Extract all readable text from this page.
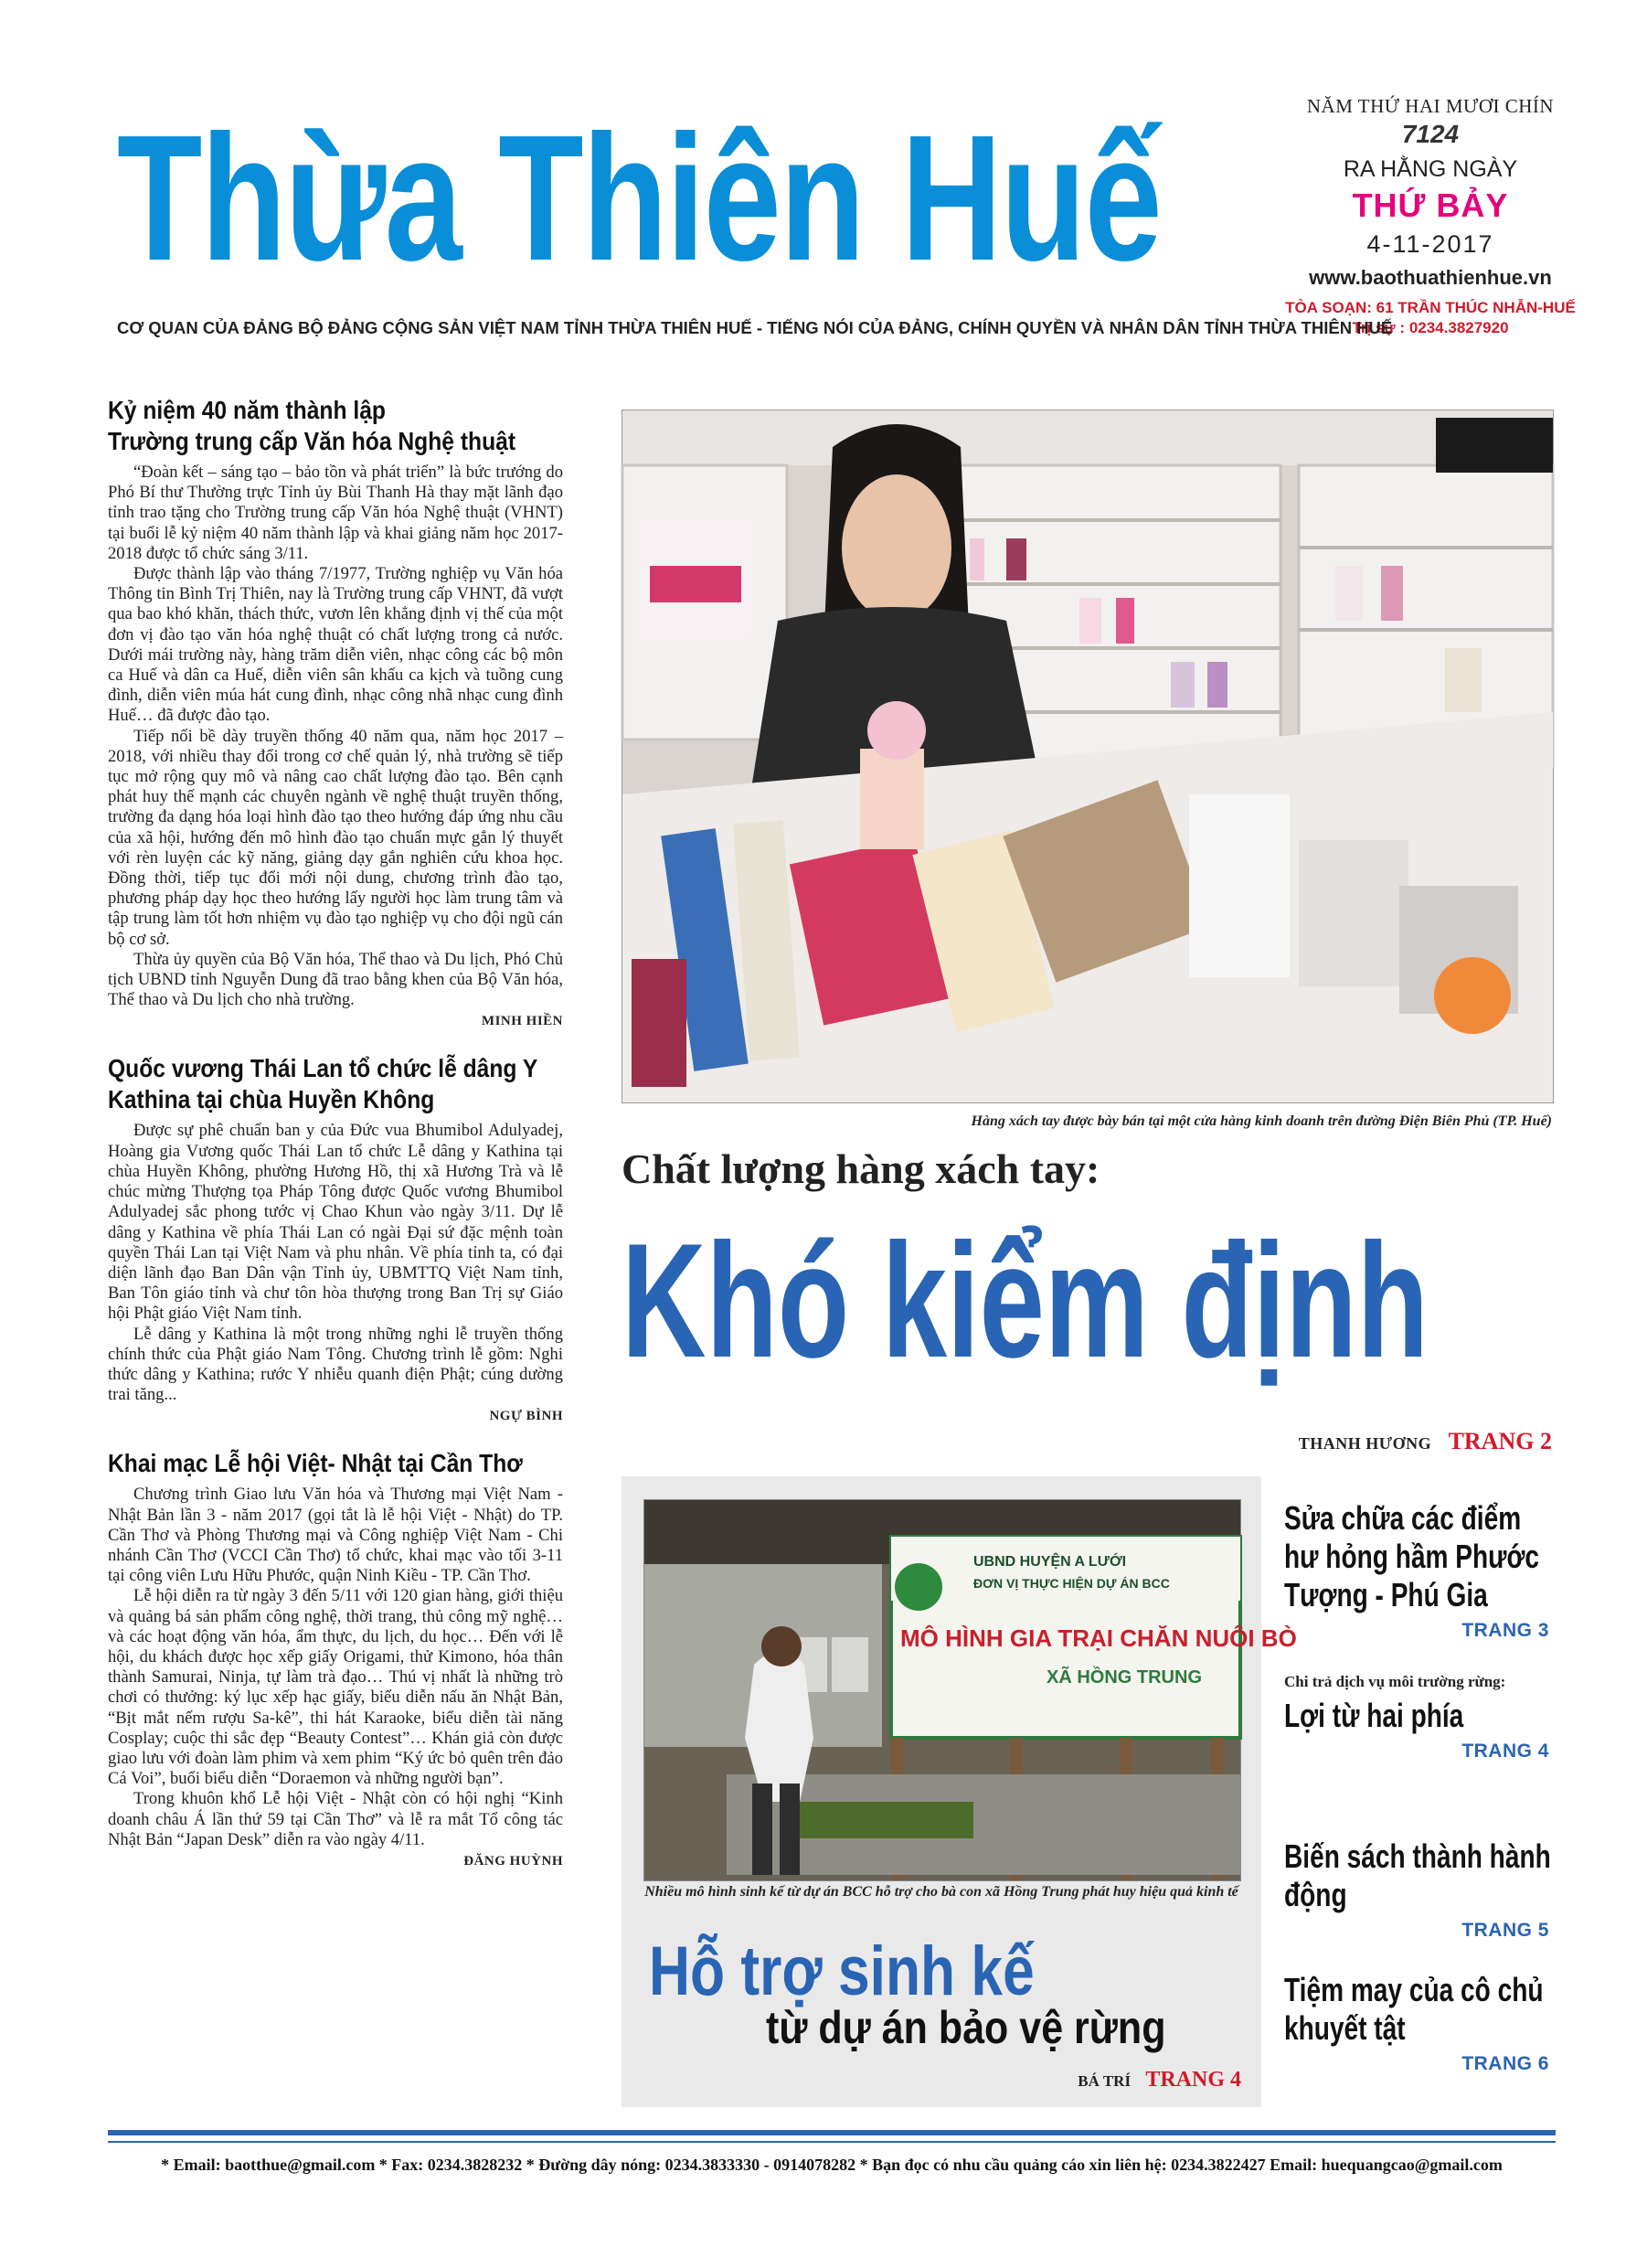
Thừa Thiên Huế	NĂM THỨ HAI MƯƠI CHÍN
7124
RA HẰNG NGÀY
THỨ BẢY
4-11-2017
www.baothuathienhue.vn
TÒA SOẠN: 61 TRẦN THÚC NHẪN-HUẾ
Trị sự : 0234.3827920
CƠ QUAN CỦA ĐẢNG BỘ ĐẢNG CỘNG SẢN VIỆT NAM TỈNH THỪA THIÊN HUẾ - TIẾNG NÓI CỦA ĐẢNG, CHÍNH QUYỀN VÀ NHÂN DÂN TỈNH THỪA THIÊN HUẾ
Kỷ niệm 40 năm thành lập
Trường trung cấp Văn hóa Nghệ thuật

“Đoàn kết – sáng tạo – bảo tồn và phát triển” là bức trướng do Phó Bí thư Thường trực Tỉnh ủy Bùi Thanh Hà thay mặt lãnh đạo tỉnh trao tặng cho Trường trung cấp Văn hóa Nghệ thuật (VHNT) tại buổi lễ kỷ niệm 40 năm thành lập và khai giảng năm học 2017-2018 được tổ chức sáng 3/11.

Được thành lập vào tháng 7/1977, Trường nghiệp vụ Văn hóa Thông tin Bình Trị Thiên, nay là Trường trung cấp VHNT, đã vượt qua bao khó khăn, thách thức, vươn lên khẳng định vị thế của một đơn vị đào tạo văn hóa nghệ thuật có chất lượng trong cả nước. Dưới mái trường này, hàng trăm diễn viên, nhạc công các bộ môn ca Huế và dân ca Huế, diễn viên sân khấu ca kịch và tuồng cung đình, diễn viên múa hát cung đình, nhạc công nhã nhạc cung đình Huế… đã được đào tạo.

Tiếp nối bề dày truyền thống 40 năm qua, năm học 2017 – 2018, với nhiều thay đổi trong cơ chế quản lý, nhà trường sẽ tiếp tục mở rộng quy mô và nâng cao chất lượng đào tạo. Bên cạnh phát huy thế mạnh các chuyên ngành về nghệ thuật truyền thống, trường đa dạng hóa loại hình đào tạo theo hướng đáp ứng nhu cầu của xã hội, hướng đến mô hình đào tạo chuẩn mực gắn lý thuyết với rèn luyện các kỹ năng, giảng dạy gắn nghiên cứu khoa học. Đồng thời, tiếp tục đổi mới nội dung, chương trình đào tạo, phương pháp dạy học theo hướng lấy người học làm trung tâm và tập trung làm tốt hơn nhiệm vụ đào tạo nghiệp vụ cho đội ngũ cán bộ cơ sở.

Thừa ủy quyền của Bộ Văn hóa, Thể thao và Du lịch, Phó Chủ tịch UBND tỉnh Nguyễn Dung đã trao bằng khen của Bộ Văn hóa, Thể thao và Du lịch cho nhà trường.

MINH HIỀN
Quốc vương Thái Lan tổ chức lễ dâng Y
Kathina tại chùa Huyền Không

Được sự phê chuẩn ban y của Đức vua Bhumibol Adulyadej, Hoàng gia Vương quốc Thái Lan tổ chức Lễ dâng y Kathina tại chùa Huyền Không, phường Hương Hồ, thị xã Hương Trà và lễ chúc mừng Thượng tọa Pháp Tông được Quốc vương Bhumibol Adulyadej sắc phong tước vị Chao Khun vào ngày 3/11. Dự lễ dâng y Kathina về phía Thái Lan có ngài Đại sứ đặc mệnh toàn quyền Thái Lan tại Việt Nam và phu nhân. Về phía tỉnh ta, có đại diện lãnh đạo Ban Dân vận Tỉnh ủy, UBMTTQ Việt Nam tỉnh, Ban Tôn giáo tỉnh và chư tôn hòa thượng trong Ban Trị sự Giáo hội Phật giáo Việt Nam tỉnh.

Lễ dâng y Kathina là một trong những nghi lễ truyền thống chính thức của Phật giáo Nam Tông. Chương trình lễ gồm: Nghi thức dâng y Kathina; rước Y nhiễu quanh điện Phật; cúng dường trai tăng...

NGỰ BÌNH
Khai mạc Lễ hội Việt- Nhật tại Cần Thơ

Chương trình Giao lưu Văn hóa và Thương mại Việt Nam - Nhật Bản lần 3 - năm 2017 (gọi tắt là lễ hội Việt - Nhật) do TP. Cần Thơ và Phòng Thương mại và Công nghiệp Việt Nam - Chi nhánh Cần Thơ (VCCI Cần Thơ) tổ chức, khai mạc vào tối 3-11 tại công viên Lưu Hữu Phước, quận Ninh Kiều - TP. Cần Thơ.

Lễ hội diễn ra từ ngày 3 đến 5/11 với 120 gian hàng, giới thiệu và quảng bá sản phẩm công nghệ, thời trang, thủ công mỹ nghệ… và các hoạt động văn hóa, ẩm thực, du lịch, du học… Đến với lễ hội, du khách được học xếp giấy Origami, thử Kimono, hóa thân thành Samurai, Ninja, tự làm trà đạo… Thú vị nhất là những trò chơi có thưởng: ký lục xếp hạc giấy, biểu diễn nấu ăn Nhật Bản, “Bịt mắt nếm rượu Sa-kê”, thi hát Karaoke, biểu diễn tài năng Cosplay; cuộc thi sắc đẹp “Beauty Contest”… Khán giả còn được giao lưu với đoàn làm phim và xem phim “Ký ức bỏ quên trên đảo Cá Voi”, buổi biểu diễn “Doraemon và những người bạn”.

Trong khuôn khổ Lễ hội Việt - Nhật còn có hội nghị “Kinh doanh châu Á lần thứ 59 tại Cần Thơ” và lễ ra mắt Tổ công tác Nhật Bản “Japan Desk” diễn ra vào ngày 4/11.

ĐĂNG HUỲNH
Hàng xách tay được bày bán tại một cửa hàng kinh doanh trên đường Điện Biên Phủ (TP. Huế)
Chất lượng hàng xách tay:
Khó kiểm định
THANH HƯƠNG TRANG 2
UBND HUYỆN A LƯỚI
ĐƠN VỊ THỰC HIỆN DỰ ÁN BCC
MÔ HÌNH GIA TRẠI CHĂN NUÔI BÒ
XÃ HỒNG TRUNG
Nhiều mô hình sinh kế từ dự án BCC hỗ trợ cho bà con xã Hồng Trung phát huy hiệu quả kinh tế
Hỗ trợ sinh kế
từ dự án bảo vệ rừng
BÁ TRÍ TRANG 4
Sửa chữa các điểm hư hỏng hầm Phước Tượng - Phú Gia
TRANG 3
Chi trả dịch vụ môi trường rừng:
Lợi từ hai phía
TRANG 4
Biến sách thành hành động
TRANG 5
Tiệm may của cô chủ khuyết tật
TRANG 6
* Email: baotthue@gmail.com * Fax: 0234.3828232 * Đường dây nóng: 0234.3833330 - 0914078282 * Bạn đọc có nhu cầu quảng cáo xin liên hệ: 0234.3822427 Email: huequangcao@gmail.com
